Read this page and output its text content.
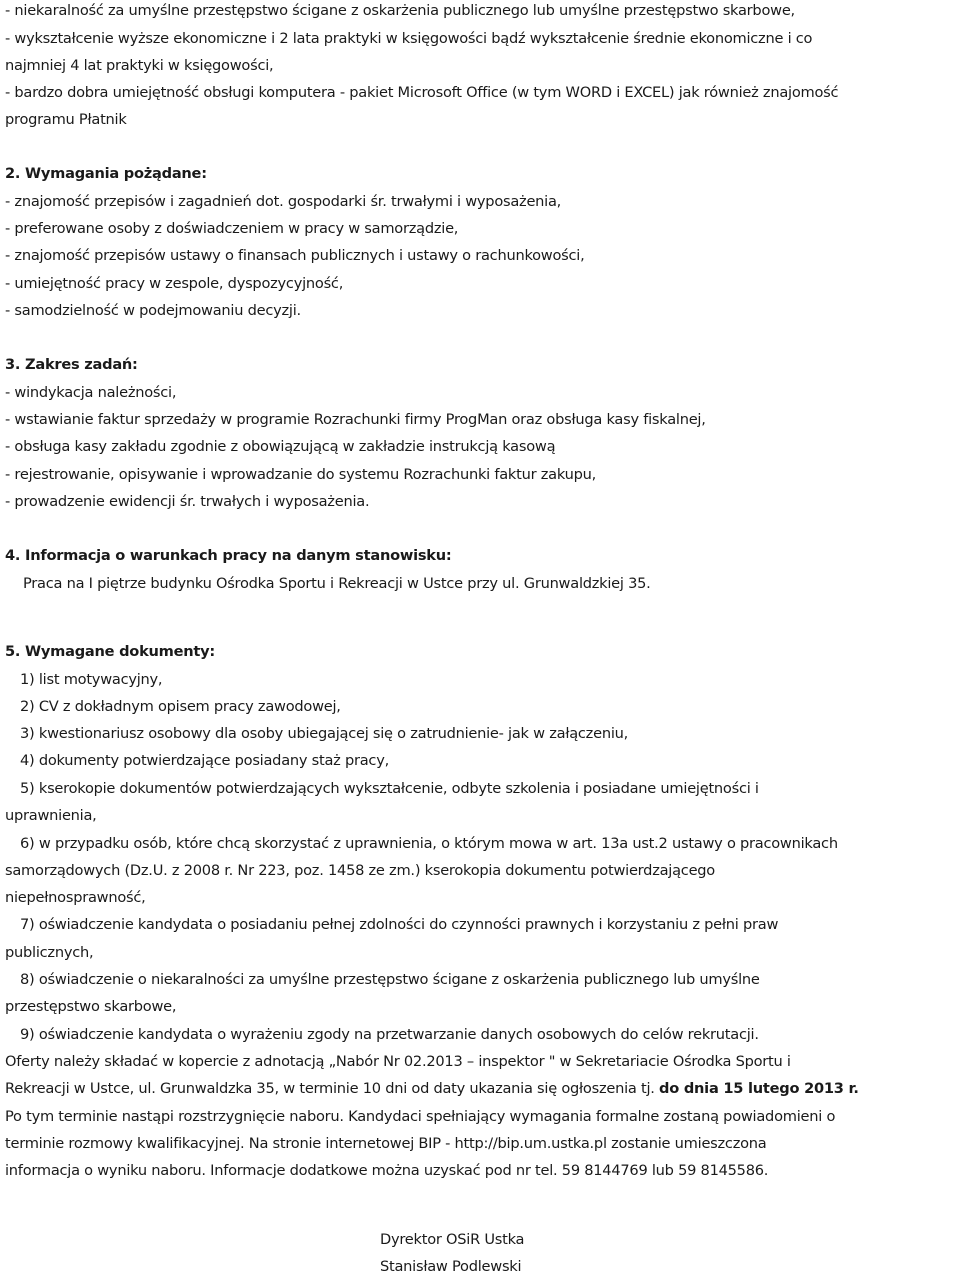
- niekaralność za umyślne przestępstwo ścigane z oskarżenia publicznego lub umyślne przestępstwo skarbowe,
- wykształcenie wyższe ekonomiczne i 2 lata praktyki w księgowości bądź wykształcenie średnie ekonomiczne i co
najmniej 4 lat praktyki w księgowości,
- bardzo dobra umiejętność obsługi komputera - pakiet Microsoft Office (w tym WORD i EXCEL) jak również znajomość
programu Płatnik
2. Wymagania pożądane:
- znajomość przepisów i zagadnień dot. gospodarki śr. trwałymi i wyposażenia,
- preferowane osoby z doświadczeniem w pracy w samorządzie,
- znajomość przepisów ustawy o finansach publicznych i ustawy o rachunkowości,
- umiejętność pracy w zespole, dyspozycyjność,
- samodzielność w podejmowaniu decyzji.
3. Zakres zadań:
- windykacja należności,
- wstawianie faktur sprzedaży w programie Rozrachunki firmy ProgMan oraz obsługa kasy fiskalnej,
- obsługa kasy zakładu zgodnie z obowiązującą w zakładzie instrukcją kasową
- rejestrowanie, opisywanie i wprowadzanie do systemu Rozrachunki faktur zakupu,
- prowadzenie ewidencji śr. trwałych i wyposażenia.
4. Informacja o warunkach pracy na danym stanowisku:
Praca na I piętrze budynku Ośrodka Sportu i Rekreacji w Ustce przy ul. Grunwaldzkiej 35.
5. Wymagane dokumenty:
1) list motywacyjny,
2) CV z dokładnym opisem pracy zawodowej,
3) kwestionariusz osobowy dla osoby ubiegającej się o zatrudnienie- jak w załączeniu,
4) dokumenty potwierdzające posiadany staż pracy,
5) kserokopie dokumentów potwierdzających wykształcenie, odbyte szkolenia i posiadane umiejętności i
uprawnienia,
6) w przypadku osób, które chcą skorzystać z uprawnienia, o którym mowa w art. 13a ust.2 ustawy o pracownikach
samorządowych (Dz.U. z 2008 r. Nr 223, poz. 1458 ze zm.) kserokopia dokumentu potwierdzającego
niepełnosprawność,
7) oświadczenie kandydata o posiadaniu pełnej zdolności do czynności prawnych i korzystaniu z pełni praw
publicznych,
8) oświadczenie o niekaralności za umyślne przestępstwo ścigane z oskarżenia publicznego lub umyślne
przestępstwo skarbowe,
9) oświadczenie kandydata o wyrażeniu zgody na przetwarzanie danych osobowych do celów rekrutacji.
Oferty należy składać w kopercie z adnotacją „Nabór Nr 02.2013 – inspektor " w Sekretariacie Ośrodka Sportu i
Rekreacji w Ustce, ul. Grunwaldzka 35, w terminie 10 dni od daty ukazania się ogłoszenia tj. do dnia 15 lutego 2013 r.
Po tym terminie nastąpi rozstrzygnięcie naboru. Kandydaci spełniający wymagania formalne zostaną powiadomieni o
terminie rozmowy kwalifikacyjnej. Na stronie internetowej BIP - http://bip.um.ustka.pl zostanie umieszczona
informacja o wyniku naboru. Informacje dodatkowe można uzyskać pod nr tel. 59 8144769 lub 59 8145586.
Dyrektor OSiR Ustka
Stanisław Podlewski
